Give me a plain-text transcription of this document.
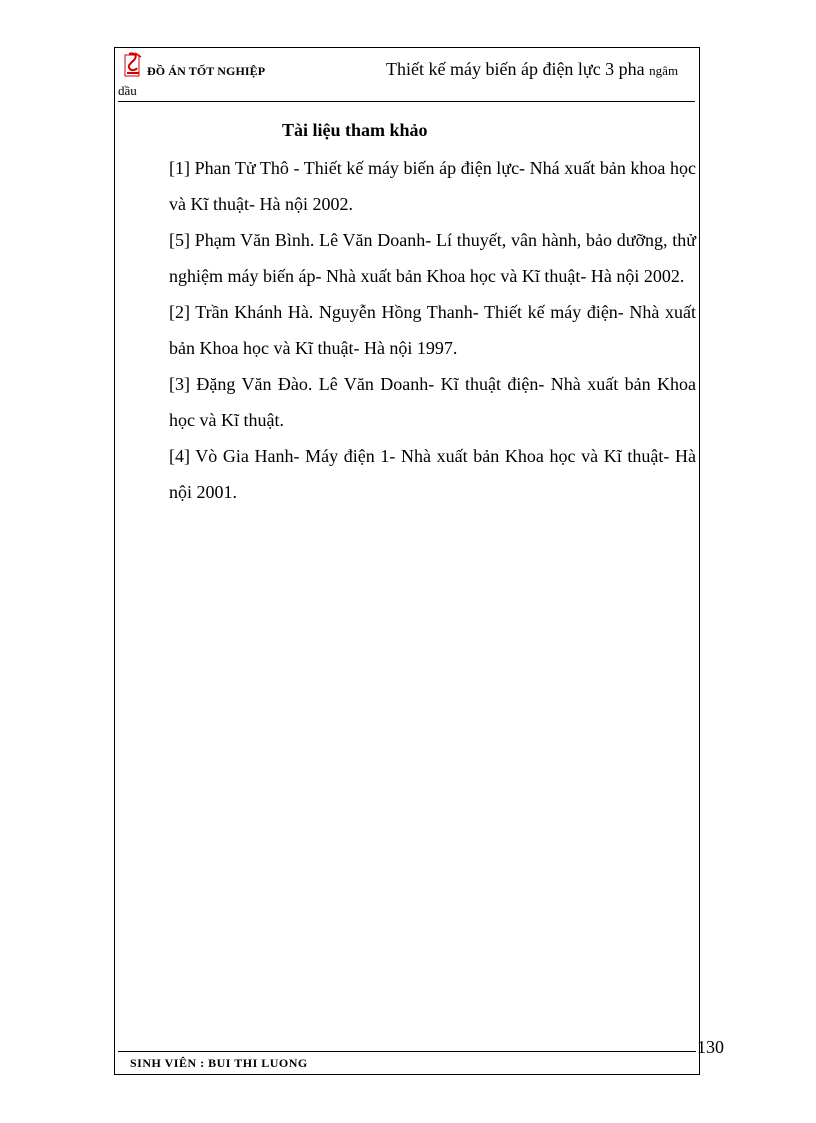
ĐỒ ÁN TỐT NGHIỆP	Thiết kế máy biến áp điện lực 3 pha ngâm
dầu
Tài liệu tham khảo

[1] Phan Tử Thô - Thiết kế máy biến áp điện lực- Nhá xuất bản khoa học và Kĩ thuật- Hà nội 2002.

[5] Phạm Văn Bình. Lê Văn Doanh- Lí thuyết, vân hành, bảo dưỡng, thử nghiệm máy biến áp- Nhà xuất bản Khoa học và Kĩ thuật- Hà nội 2002.

[2] Trần Khánh Hà. Nguyễn Hồng Thanh- Thiết kế máy điện- Nhà xuất bản Khoa học và Kĩ thuật- Hà nội 1997.

[3] Đặng Văn Đào. Lê Văn Doanh- Kĩ thuật điện- Nhà xuất bản Khoa học và Kĩ thuật.

[4] Vò Gia Hanh- Máy điện 1- Nhà xuất bản Khoa học và Kĩ thuật- Hà nội 2001.

130
SINH VIÊN : BUI THI LUONG
